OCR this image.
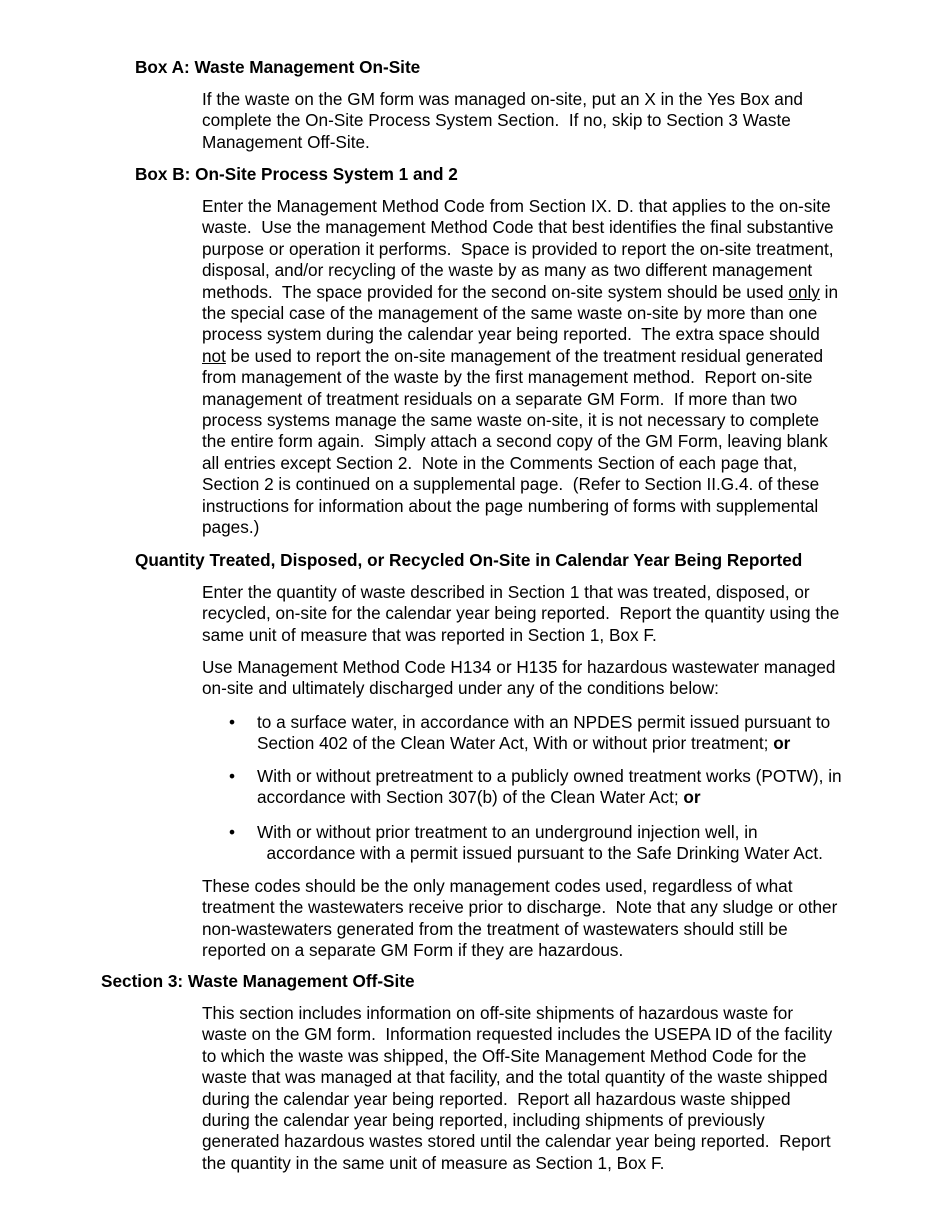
Box A: Waste Management On-Site
If the waste on the GM form was managed on-site, put an X in the Yes Box and
complete the On-Site Process System Section.  If no, skip to Section 3 Waste
Management Off-Site.
Box B: On-Site Process System 1 and 2
Enter the Management Method Code from Section IX. D. that applies to the on-site
waste.  Use the management Method Code that best identifies the final substantive
purpose or operation it performs.  Space is provided to report the on-site treatment,
disposal, and/or recycling of the waste by as many as two different management
methods.  The space provided for the second on-site system should be used only in
the special case of the management of the same waste on-site by more than one
process system during the calendar year being reported.  The extra space should
not be used to report the on-site management of the treatment residual generated
from management of the waste by the first management method.  Report on-site
management of treatment residuals on a separate GM Form.  If more than two
process systems manage the same waste on-site, it is not necessary to complete
the entire form again.  Simply attach a second copy of the GM Form, leaving blank
all entries except Section 2.  Note in the Comments Section of each page that,
Section 2 is continued on a supplemental page.  (Refer to Section II.G.4. of these
instructions for information about the page numbering of forms with supplemental
pages.)
Quantity Treated, Disposed, or Recycled On-Site in Calendar Year Being Reported
Enter the quantity of waste described in Section 1 that was treated, disposed, or
recycled, on-site for the calendar year being reported.  Report the quantity using the
same unit of measure that was reported in Section 1, Box F.
Use Management Method Code H134 or H135 for hazardous wastewater managed
on-site and ultimately discharged under any of the conditions below:
• to a surface water, in accordance with an NPDES permit issued pursuant to
Section 402 of the Clean Water Act, With or without prior treatment; or
• With or without pretreatment to a publicly owned treatment works (POTW), in
accordance with Section 307(b) of the Clean Water Act; or
• With or without prior treatment to an underground injection well, in
accordance with a permit issued pursuant to the Safe Drinking Water Act.
These codes should be the only management codes used, regardless of what
treatment the wastewaters receive prior to discharge.  Note that any sludge or other
non-wastewaters generated from the treatment of wastewaters should still be
reported on a separate GM Form if they are hazardous.
Section 3: Waste Management Off-Site
This section includes information on off-site shipments of hazardous waste for
waste on the GM form.  Information requested includes the USEPA ID of the facility
to which the waste was shipped, the Off-Site Management Method Code for the
waste that was managed at that facility, and the total quantity of the waste shipped
during the calendar year being reported.  Report all hazardous waste shipped
during the calendar year being reported, including shipments of previously
generated hazardous wastes stored until the calendar year being reported.  Report
the quantity in the same unit of measure as Section 1, Box F.
